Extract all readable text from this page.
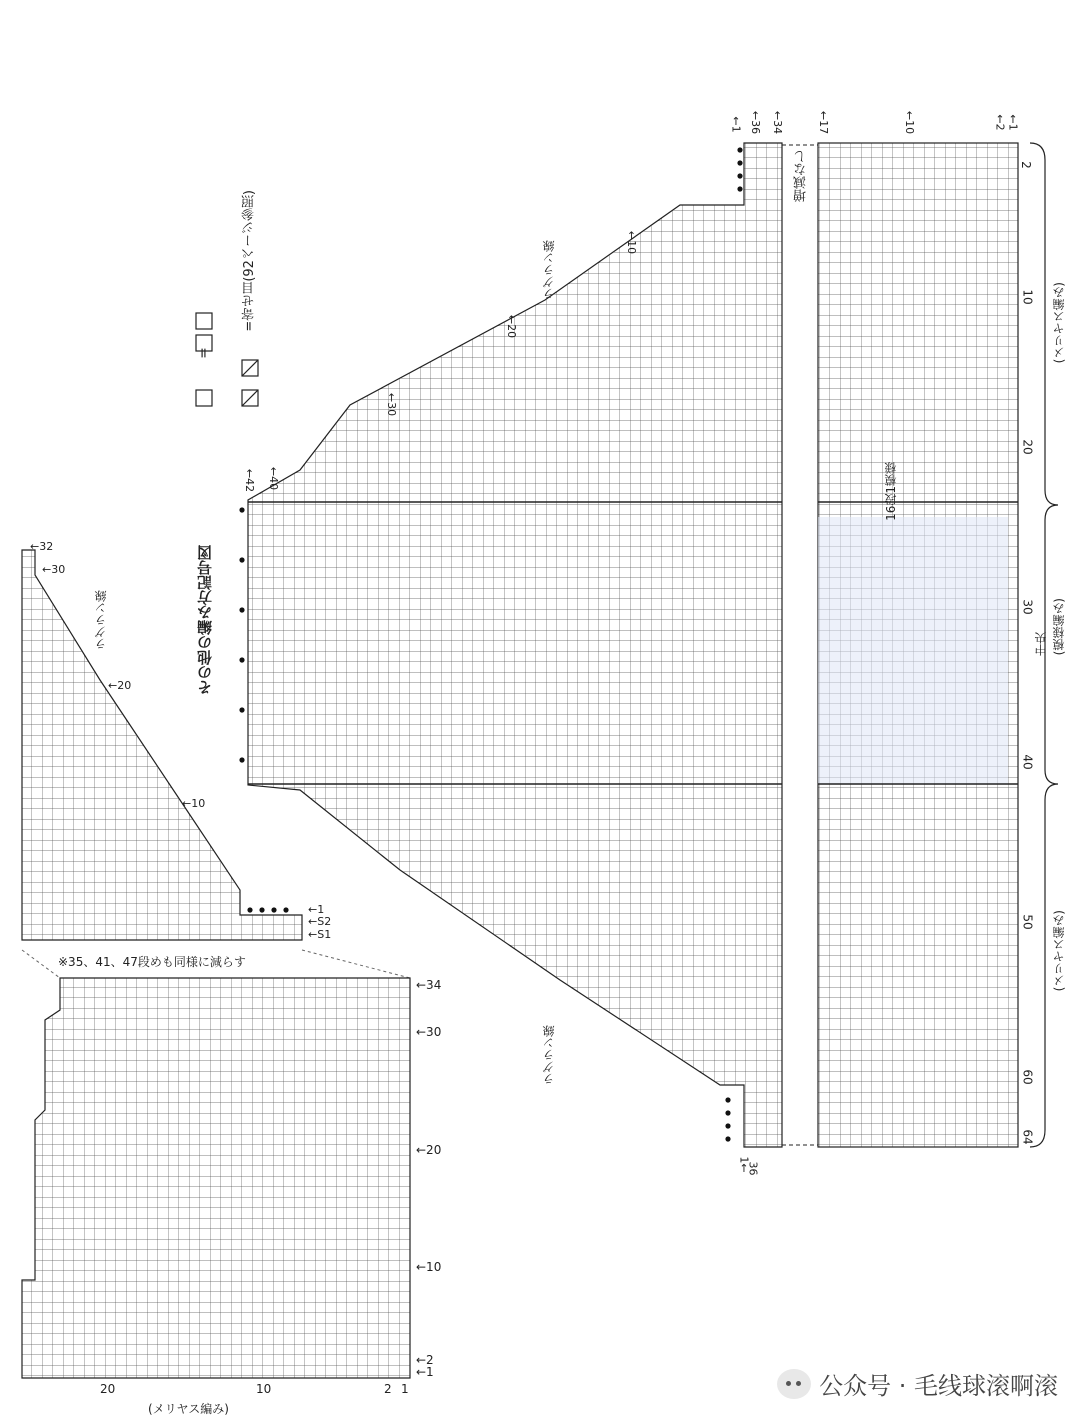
=
=寄せ目(92ページ参照)
その他の編み方記号図
ラグラン線
ラグラン線
ラグラン線
増減なし
16段1模様
中央 (模様編み)
(メリヤス編み)
(メリヤス編み)
※35、41、47段めも同様に減らす
2
10
20
30
40
50
60
64
←1 ←36 ←34	←17	←10	←2 ←1
1←
36
←10
←20
←30
←40
←42
←32
←30
←20
←10
←1
←S2
←S1
←34
←30
←20
←10
←2
←1
20	10	2 1
(メリヤス編み)
公众号 · 毛线球滚啊滚
